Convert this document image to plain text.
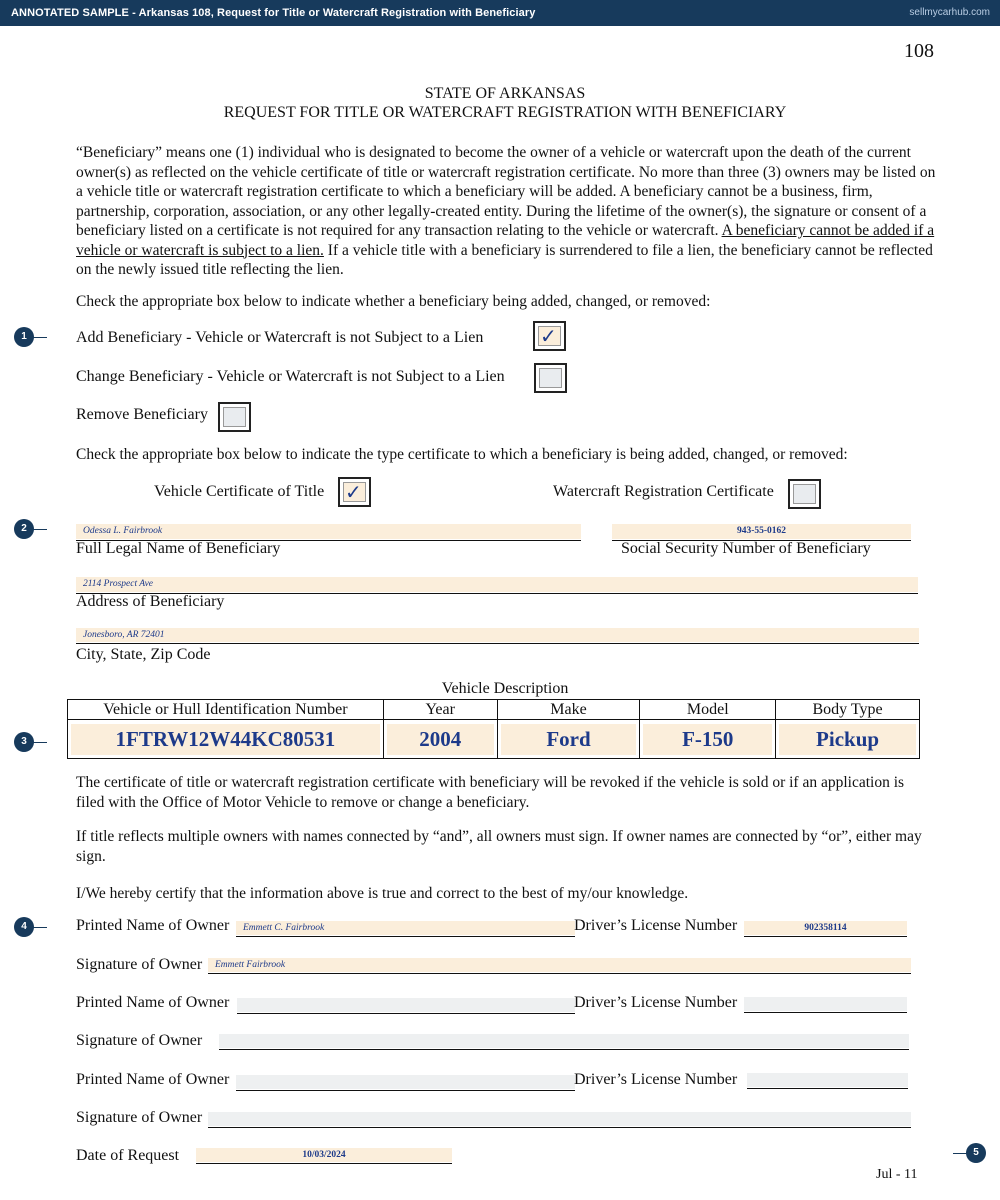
ANNOTATED SAMPLE - Arkansas 108, Request for Title or Watercraft Registration with Beneficiary	sellmycarhub.com
108
STATE OF ARKANSAS
REQUEST FOR TITLE OR WATERCRAFT REGISTRATION WITH BENEFICIARY
“Beneficiary” means one (1) individual who is designated to become the owner of a vehicle or watercraft upon the death of the current owner(s) as reflected on the vehicle certificate of title or watercraft registration certificate. No more than three (3) owners may be listed on a vehicle title or watercraft registration certificate to which a beneficiary will be added. A beneficiary cannot be a business, firm, partnership, corporation, association, or any other legally-created entity. During the lifetime of the owner(s), the signature or consent of a beneficiary listed on a certificate is not required for any transaction relating to the vehicle or watercraft. A beneficiary cannot be added if a vehicle or watercraft is subject to a lien. If a vehicle title with a beneficiary is surrendered to file a lien, the beneficiary cannot be reflected on the newly issued title reflecting the lien.
Check the appropriate box below to indicate whether a beneficiary being added, changed, or removed:
1	Add Beneficiary - Vehicle or Watercraft is not Subject to a Lien	✓
Change Beneficiary - Vehicle or Watercraft is not Subject to a Lien
Remove Beneficiary
Check the appropriate box below to indicate the type certificate to which a beneficiary is being added, changed, or removed:
Vehicle Certificate of Title ✓	Watercraft Registration Certificate
2	Odessa L. Fairbrook
Full Legal Name of Beneficiary
943-55-0162
Social Security Number of Beneficiary
2114 Prospect Ave
Address of Beneficiary
Jonesboro, AR 72401
City, State, Zip Code
Vehicle Description
3
Vehicle or Hull Identification Number	Year	Make	Model	Body Type

1FTRW12W44KC80531	2004	Ford	F-150	Pickup
The certificate of title or watercraft registration certificate with beneficiary will be revoked if the vehicle is sold or if an application is filed with the Office of Motor Vehicle to remove or change a beneficiary.
If title reflects multiple owners with names connected by “and”, all owners must sign. If owner names are connected by “or”, either may sign.
I/We hereby certify that the information above is true and correct to the best of my/our knowledge.
4	Printed Name of Owner Emmett C. Fairbrook	Driver’s License Number	902358114
Signature of Owner Emmett Fairbrook
Printed Name of Owner	Driver’s License Number
Signature of Owner
Printed Name of Owner	Driver’s License Number
Signature of Owner
Date of Request	10/03/2024	5
Jul - 11
